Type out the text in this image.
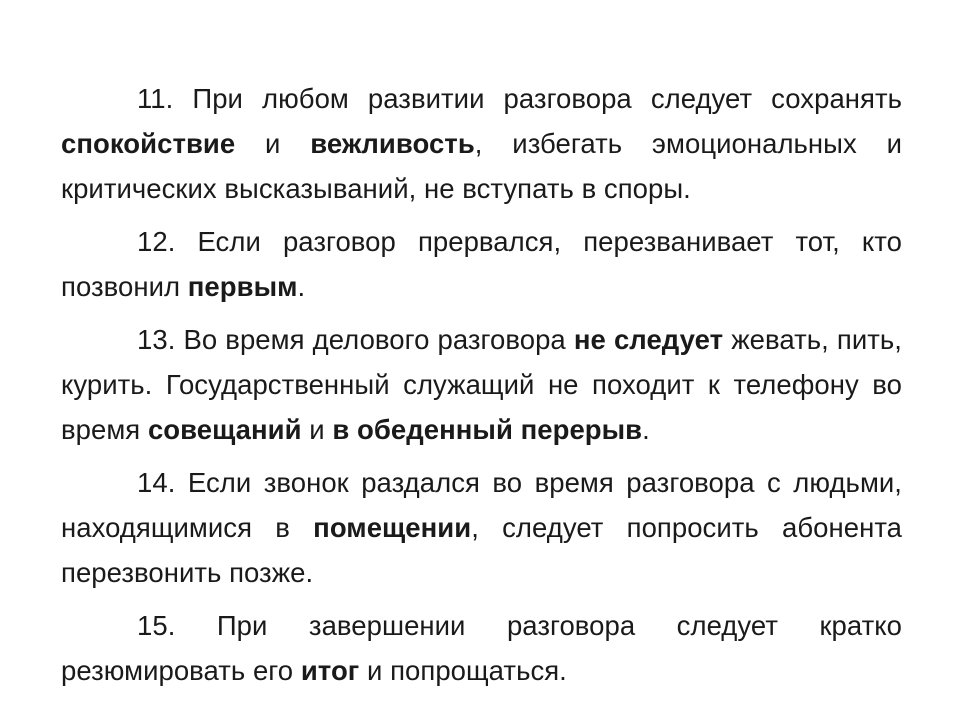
11. При любом развитии разговора следует сохранять спокойствие и вежливость, избегать эмоциональных и критических высказываний, не вступать в споры.

12. Если разговор прервался, перезванивает тот, кто позвонил первым.

13. Во время делового разговора не следует жевать, пить, курить. Государственный служащий не походит к телефону во время совещаний и в обеденный перерыв.

14. Если звонок раздался во время разговора с людьми, находящимися в помещении, следует попросить абонента перезвонить позже.

15. При завершении разговора следует кратко резюмировать его итог и попрощаться.
